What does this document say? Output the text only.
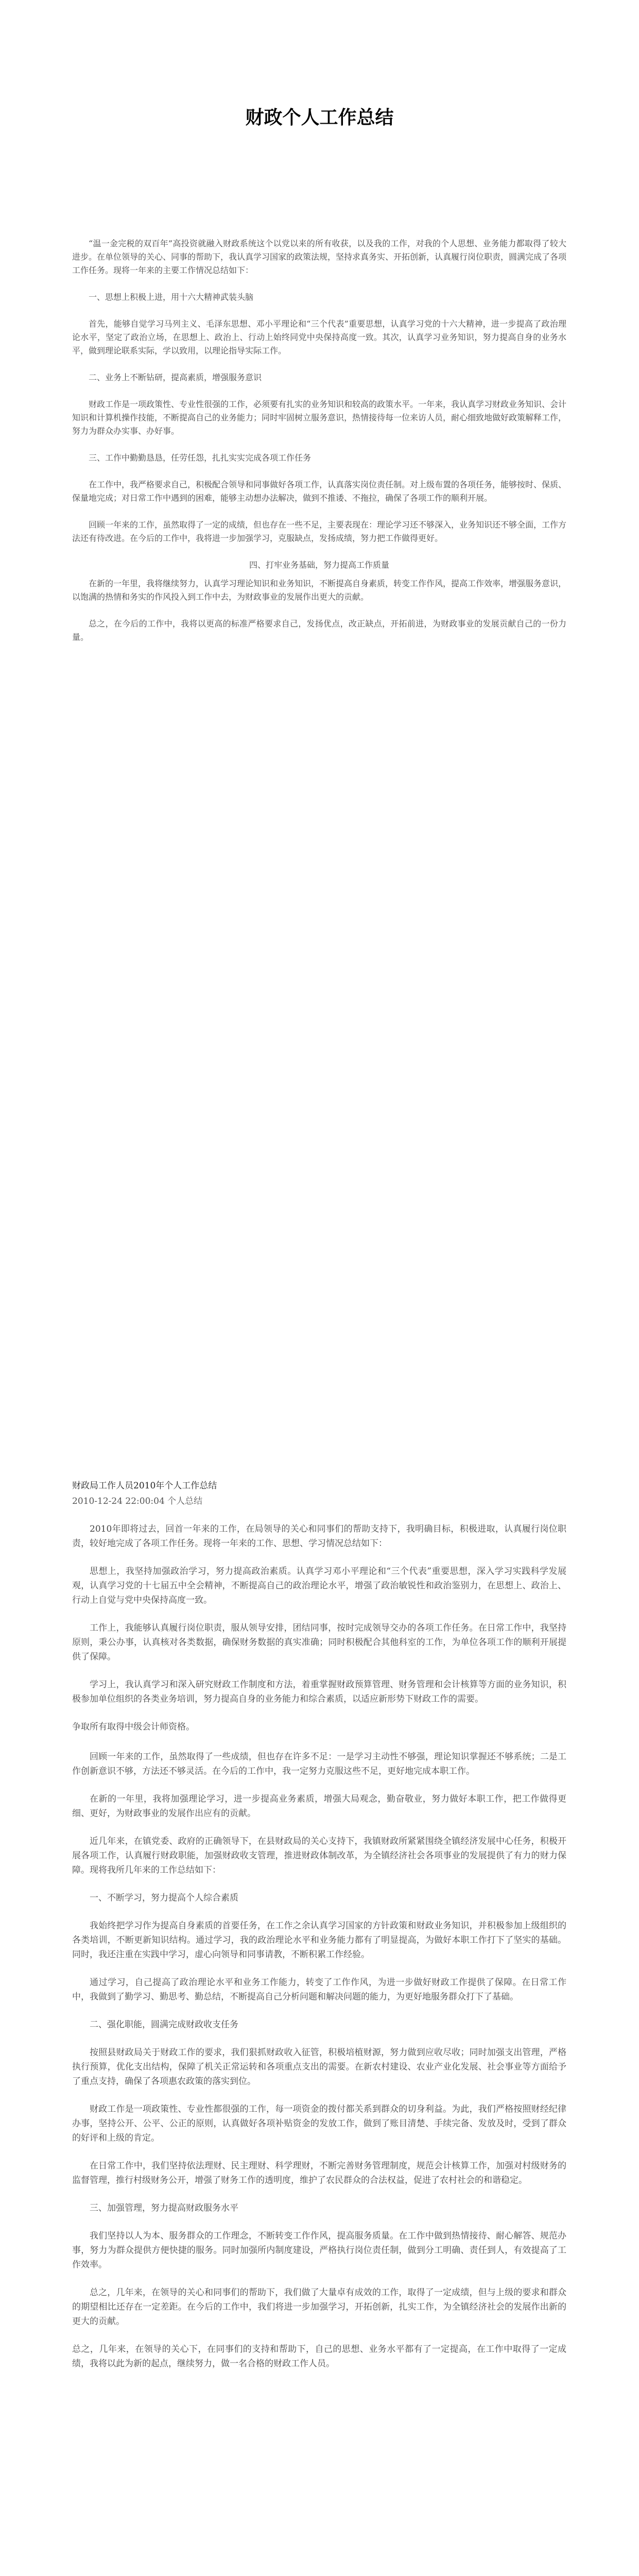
财政个人工作总结

“温一金完税的双百年”高投资就融入财政系统这个以党以来的所有收获，以及我的工作，对我的个人思想、业务能力都取得了较大进步。在单位领导的关心、同事的帮助下，我认真学习国家的政策法规，坚持求真务实、开拓创新，认真履行岗位职责，圆满完成了各项工作任务。现将一年来的主要工作情况总结如下：

一、思想上积极上进，用十六大精神武装头脑

首先，能够自觉学习马列主义、毛泽东思想、邓小平理论和“三个代表”重要思想，认真学习党的十六大精神，进一步提高了政治理论水平，坚定了政治立场，在思想上、政治上、行动上始终同党中央保持高度一致。其次，认真学习业务知识，努力提高自身的业务水平，做到理论联系实际，学以致用，以理论指导实际工作。

二、业务上不断钻研，提高素质，增强服务意识

财政工作是一项政策性、专业性很强的工作，必须要有扎实的业务知识和较高的政策水平。一年来，我认真学习财政业务知识、会计知识和计算机操作技能，不断提高自己的业务能力；同时牢固树立服务意识，热情接待每一位来访人员，耐心细致地做好政策解释工作，努力为群众办实事、办好事。

三、工作中勤勤恳恳，任劳任怨，扎扎实实完成各项工作任务

在工作中，我严格要求自己，积极配合领导和同事做好各项工作，认真落实岗位责任制。对上级布置的各项任务，能够按时、保质、保量地完成；对日常工作中遇到的困难，能够主动想办法解决，做到不推诿、不拖拉，确保了各项工作的顺利开展。

回顾一年来的工作，虽然取得了一定的成绩，但也存在一些不足，主要表现在：理论学习还不够深入，业务知识还不够全面，工作方法还有待改进。在今后的工作中，我将进一步加强学习，克服缺点，发扬成绩，努力把工作做得更好。

四、打牢业务基础，努力提高工作质量

在新的一年里，我将继续努力，认真学习理论知识和业务知识，不断提高自身素质，转变工作作风，提高工作效率，增强服务意识，以饱满的热情和务实的作风投入到工作中去，为财政事业的发展作出更大的贡献。

总之，在今后的工作中，我将以更高的标准严格要求自己，发扬优点，改正缺点，开拓前进，为财政事业的发展贡献自己的一份力量。

财政局工作人员2010年个人工作总结

2010-12-24 22:00:04 个人总结

2010年即将过去，回首一年来的工作，在局领导的关心和同事们的帮助支持下，我明确目标，积极进取，认真履行岗位职责，较好地完成了各项工作任务。现将一年来的工作、思想、学习情况总结如下：

思想上，我坚持加强政治学习，努力提高政治素质。认真学习邓小平理论和“三个代表”重要思想，深入学习实践科学发展观，认真学习党的十七届五中全会精神，不断提高自己的政治理论水平，增强了政治敏锐性和政治鉴别力，在思想上、政治上、行动上自觉与党中央保持高度一致。

工作上，我能够认真履行岗位职责，服从领导安排，团结同事，按时完成领导交办的各项工作任务。在日常工作中，我坚持原则，秉公办事，认真核对各类数据，确保财务数据的真实准确；同时积极配合其他科室的工作，为单位各项工作的顺利开展提供了保障。

学习上，我认真学习和深入研究财政工作制度和方法，着重掌握财政预算管理、财务管理和会计核算等方面的业务知识，积极参加单位组织的各类业务培训，努力提高自身的业务能力和综合素质，以适应新形势下财政工作的需要。

争取所有取得中级会计师资格。

回顾一年来的工作，虽然取得了一些成绩，但也存在许多不足：一是学习主动性不够强，理论知识掌握还不够系统；二是工作创新意识不够，方法还不够灵活。在今后的工作中，我一定努力克服这些不足，更好地完成本职工作。

在新的一年里，我将加强理论学习，进一步提高业务素质，增强大局观念，勤奋敬业，努力做好本职工作，把工作做得更细、更好，为财政事业的发展作出应有的贡献。

近几年来，在镇党委、政府的正确领导下，在县财政局的关心支持下，我镇财政所紧紧围绕全镇经济发展中心任务，积极开展各项工作，认真履行财政职能，加强财政收支管理，推进财政体制改革，为全镇经济社会各项事业的发展提供了有力的财力保障。现将我所几年来的工作总结如下：

一、不断学习，努力提高个人综合素质

我始终把学习作为提高自身素质的首要任务，在工作之余认真学习国家的方针政策和财政业务知识，并积极参加上级组织的各类培训，不断更新知识结构。通过学习，我的政治理论水平和业务能力都有了明显提高，为做好本职工作打下了坚实的基础。同时，我还注重在实践中学习，虚心向领导和同事请教，不断积累工作经验。

通过学习，自己提高了政治理论水平和业务工作能力，转变了工作作风，为进一步做好财政工作提供了保障。在日常工作中，我做到了勤学习、勤思考、勤总结，不断提高自己分析问题和解决问题的能力，为更好地服务群众打下了基础。

二、强化职能，圆满完成财政收支任务

按照县财政局关于财政工作的要求，我们狠抓财政收入征管，积极培植财源，努力做到应收尽收；同时加强支出管理，严格执行预算，优化支出结构，保障了机关正常运转和各项重点支出的需要。在新农村建设、农业产业化发展、社会事业等方面给予了重点支持，确保了各项惠农政策的落实到位。

财政工作是一项政策性、专业性都很强的工作，每一项资金的拨付都关系到群众的切身利益。为此，我们严格按照财经纪律办事，坚持公开、公平、公正的原则，认真做好各项补贴资金的发放工作，做到了账目清楚、手续完备、发放及时，受到了群众的好评和上级的肯定。

在日常工作中，我们坚持依法理财、民主理财、科学理财，不断完善财务管理制度，规范会计核算工作，加强对村级财务的监督管理，推行村级财务公开，增强了财务工作的透明度，维护了农民群众的合法权益，促进了农村社会的和谐稳定。

三、加强管理，努力提高财政服务水平

我们坚持以人为本、服务群众的工作理念，不断转变工作作风，提高服务质量。在工作中做到热情接待、耐心解答、规范办事，努力为群众提供方便快捷的服务。同时加强所内制度建设，严格执行岗位责任制，做到分工明确、责任到人，有效提高了工作效率。

总之，几年来，在领导的关心和同事们的帮助下，我们做了大量卓有成效的工作，取得了一定成绩，但与上级的要求和群众的期望相比还存在一定差距。在今后的工作中，我们将进一步加强学习，开拓创新，扎实工作，为全镇经济社会的发展作出新的更大的贡献。

总之，几年来，在领导的关心下，在同事们的支持和帮助下，自己的思想、业务水平都有了一定提高，在工作中取得了一定成绩，我将以此为新的起点，继续努力，做一名合格的财政工作人员。
